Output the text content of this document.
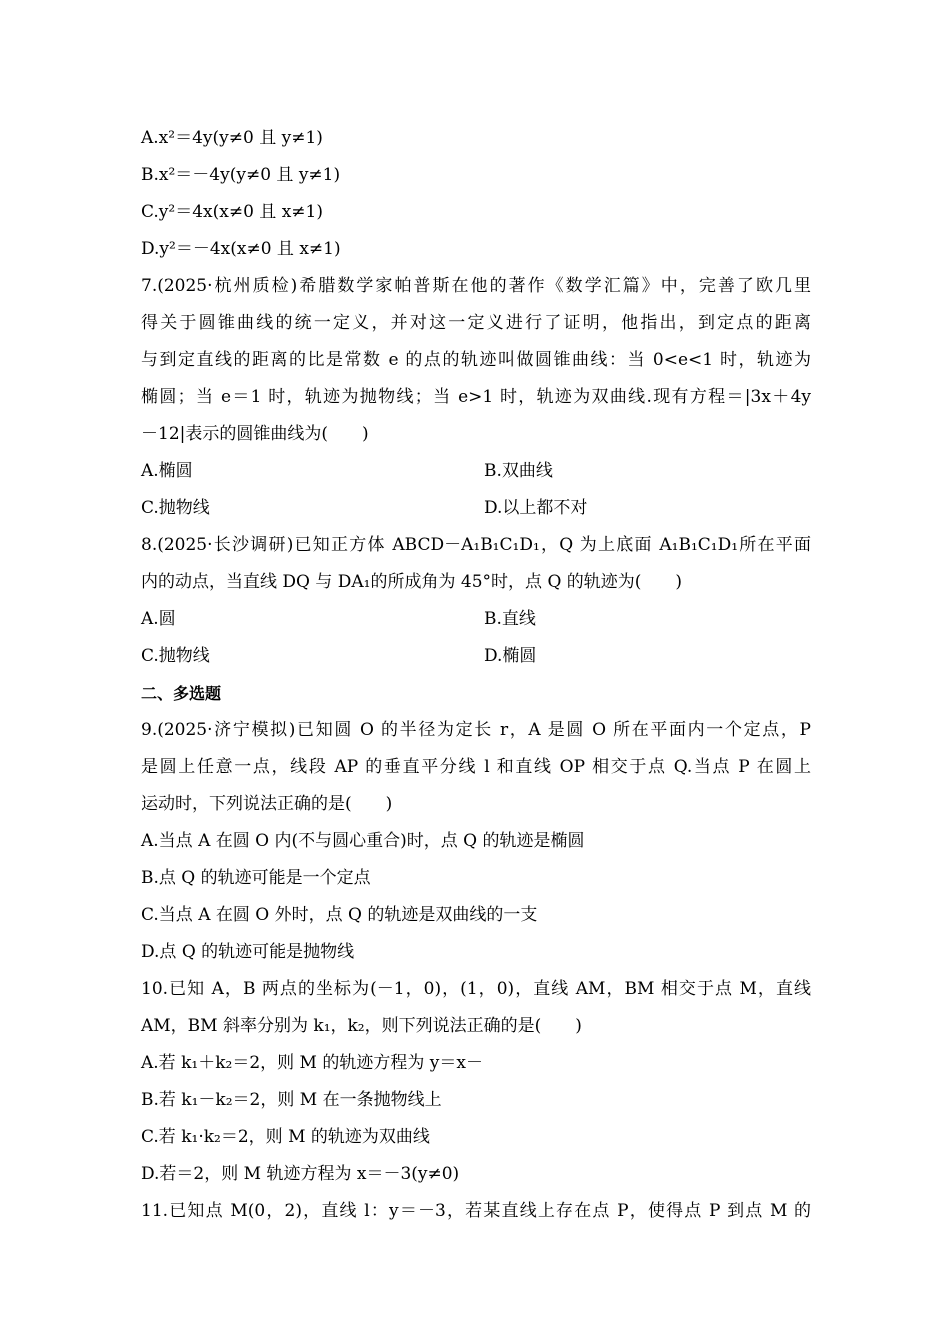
A.x²＝4y(y≠0 且 y≠1)
B.x²＝－4y(y≠0 且 y≠1)
C.y²＝4x(x≠0 且 x≠1)
D.y²＝－4x(x≠0 且 x≠1)
7.(2025·杭州质检)希腊数学家帕普斯在他的著作《数学汇篇》中，完善了欧几里
得关于圆锥曲线的统一定义，并对这一定义进行了证明，他指出，到定点的距离
与到定直线的距离的比是常数 e 的点的轨迹叫做圆锥曲线：当 0<e<1 时，轨迹为
椭圆；当 e＝1 时，轨迹为抛物线；当 e>1 时，轨迹为双曲线.现有方程＝|3x＋4y
－12|表示的圆锥曲线为(　　)
A.椭圆	B.双曲线
C.抛物线	D.以上都不对
8.(2025·长沙调研)已知正方体 ABCD－A₁B₁C₁D₁，Q 为上底面 A₁B₁C₁D₁所在平面
内的动点，当直线 DQ 与 DA₁的所成角为 45°时，点 Q 的轨迹为(　　)
A.圆	B.直线
C.抛物线	D.椭圆
二、多选题
9.(2025·济宁模拟)已知圆 O 的半径为定长 r，A 是圆 O 所在平面内一个定点，P
是圆上任意一点，线段 AP 的垂直平分线 l 和直线 OP 相交于点 Q.当点 P 在圆上
运动时，下列说法正确的是(　　)
A.当点 A 在圆 O 内(不与圆心重合)时，点 Q 的轨迹是椭圆
B.点 Q 的轨迹可能是一个定点
C.当点 A 在圆 O 外时，点 Q 的轨迹是双曲线的一支
D.点 Q 的轨迹可能是抛物线
10.已知 A，B 两点的坐标为(－1，0)，(1，0)，直线 AM，BM 相交于点 M，直线
AM，BM 斜率分别为 k₁，k₂，则下列说法正确的是(　　)
A.若 k₁＋k₂＝2，则 M 的轨迹方程为 y＝x－
B.若 k₁－k₂＝2，则 M 在一条抛物线上
C.若 k₁·k₂＝2，则 M 的轨迹为双曲线
D.若＝2，则 M 轨迹方程为 x＝－3(y≠0)
11.已知点 M(0，2)，直线 l：y＝－3，若某直线上存在点 P，使得点 P 到点 M 的
